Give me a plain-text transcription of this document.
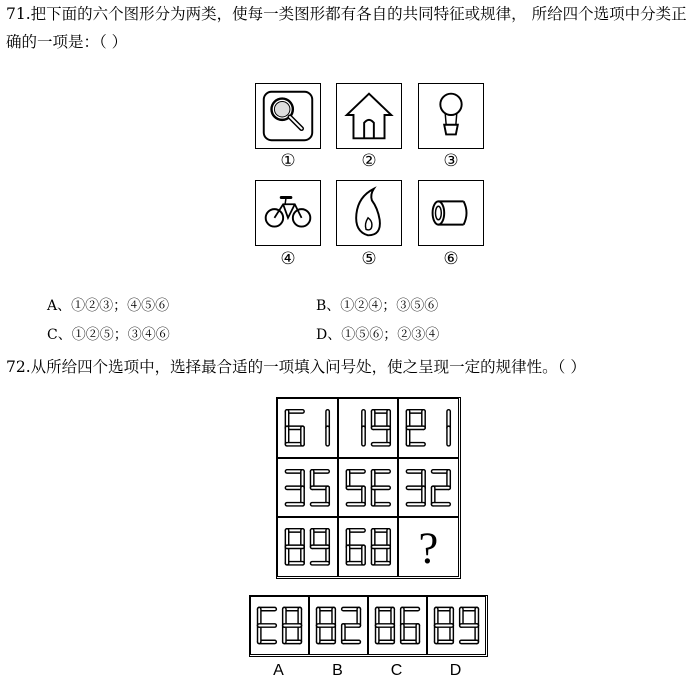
71.把下面的六个图形分为两类，使每一类图形都有各自的共同特征或规律， 所给四个选项中分类正确的一项是：（ ）

①	②	③
④	⑤	⑥
A、①②③；④⑤⑥	B、①②④；③⑤⑥
C、①②⑤；③④⑥	D、①⑤⑥；②③④

72.从所给四个选项中，选择最合适的一项填入问号处，使之呈现一定的规律性。（ ）

?
A	B	C	D
